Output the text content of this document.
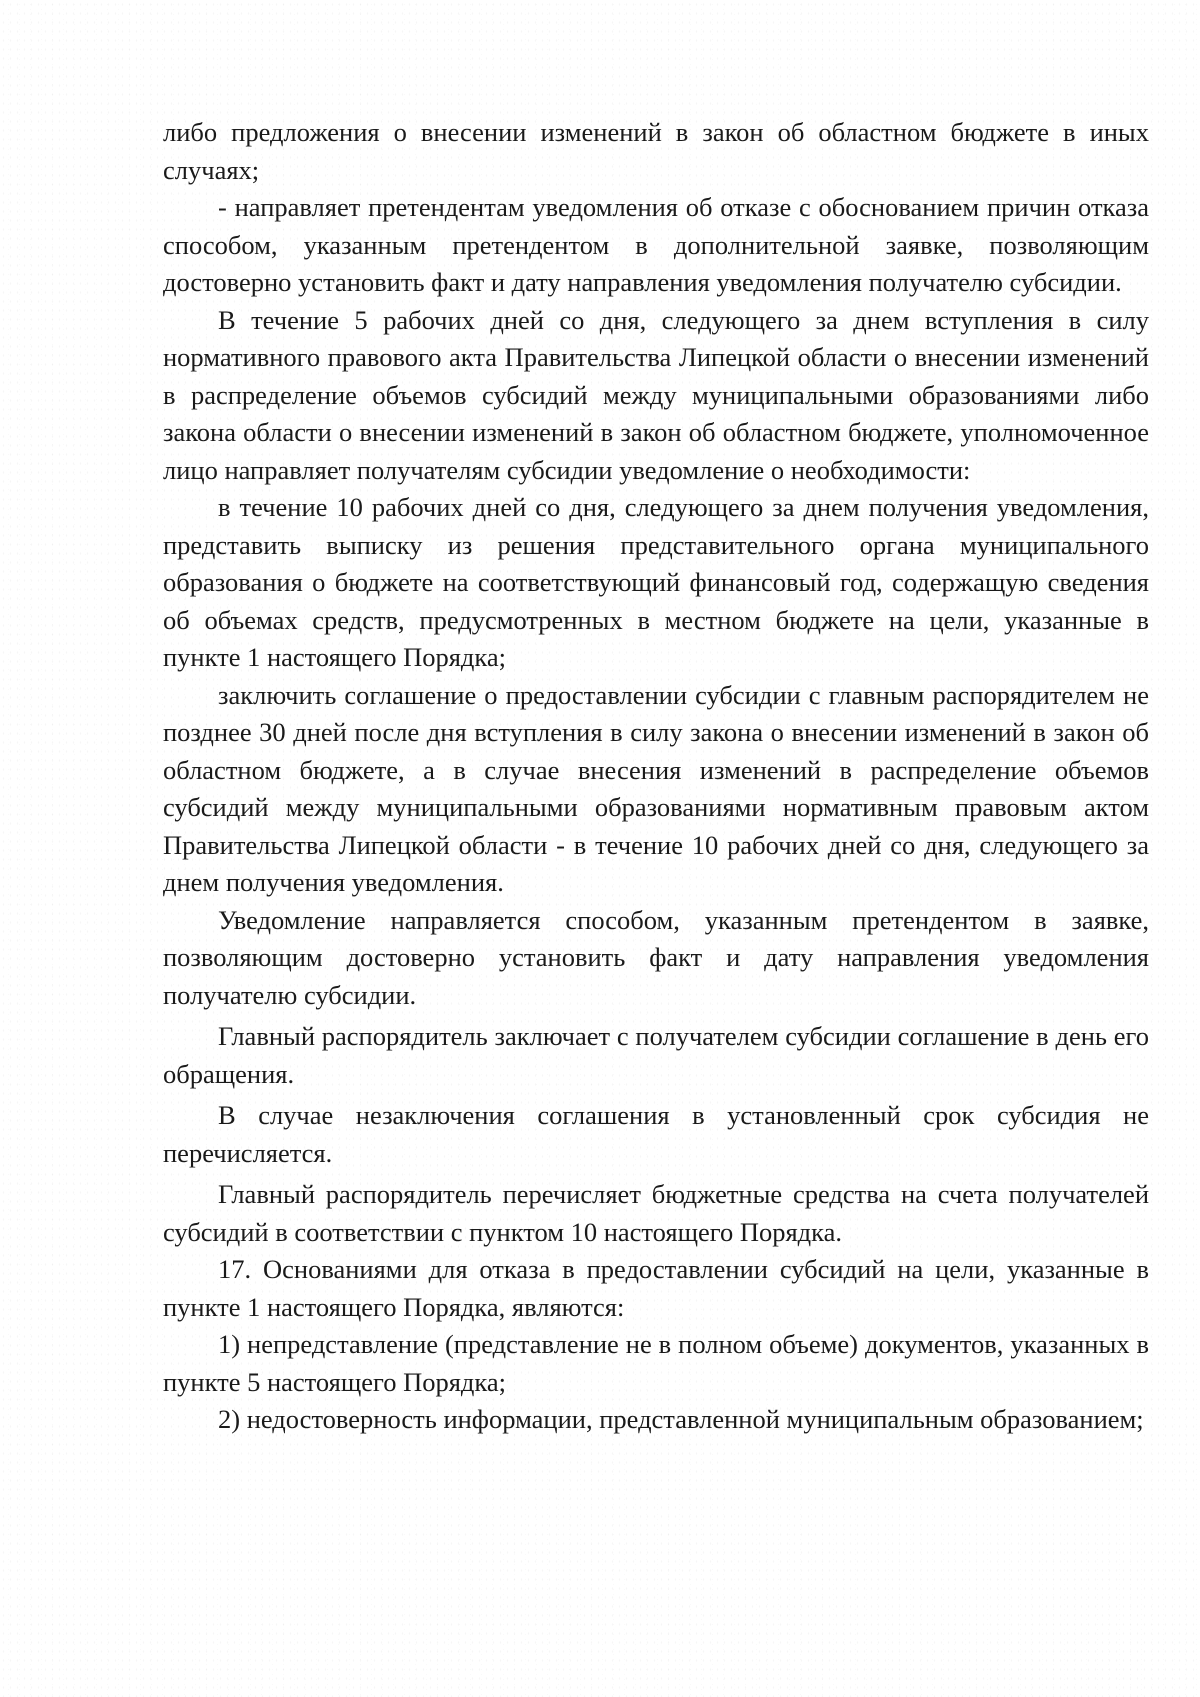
либо предложения о внесении изменений в закон об областном бюджете в иных случаях;

- направляет претендентам уведомления об отказе с обоснованием причин отказа способом, указанным претендентом в дополнительной заявке, позволяющим достоверно установить факт и дату направления уведомления получателю субсидии.

В течение 5 рабочих дней со дня, следующего за днем вступления в силу нормативного правового акта Правительства Липецкой области о внесении изменений в распределение объемов субсидий между муниципальными образованиями либо закона области о внесении изменений в закон об областном бюджете, уполномоченное лицо направляет получателям субсидии уведомление о необходимости:

в течение 10 рабочих дней со дня, следующего за днем получения уведомления, представить выписку из решения представительного органа муниципального образования о бюджете на соответствующий финансовый год, содержащую сведения об объемах средств, предусмотренных в местном бюджете на цели, указанные в пункте 1 настоящего Порядка;

заключить соглашение о предоставлении субсидии с главным распорядителем не позднее 30 дней после дня вступления в силу закона о внесении изменений в закон об областном бюджете, а в случае внесения изменений в распределение объемов субсидий между муниципальными образованиями нормативным правовым актом Правительства Липецкой области - в течение 10 рабочих дней со дня, следующего за днем получения уведомления.

Уведомление направляется способом, указанным претендентом в заявке, позволяющим достоверно установить факт и дату направления уведомления получателю субсидии.

Главный распорядитель заключает с получателем субсидии соглашение в день его обращения.

В случае незаключения соглашения в установленный срок субсидия не перечисляется.

Главный распорядитель перечисляет бюджетные средства на счета получателей субсидий в соответствии с пунктом 10 настоящего Порядка.

17. Основаниями для отказа в предоставлении субсидий на цели, указанные в пункте 1 настоящего Порядка, являются:

1) непредставление (представление не в полном объеме) документов, указанных в пункте 5 настоящего Порядка;

2) недостоверность информации, представленной муниципальным образованием;
